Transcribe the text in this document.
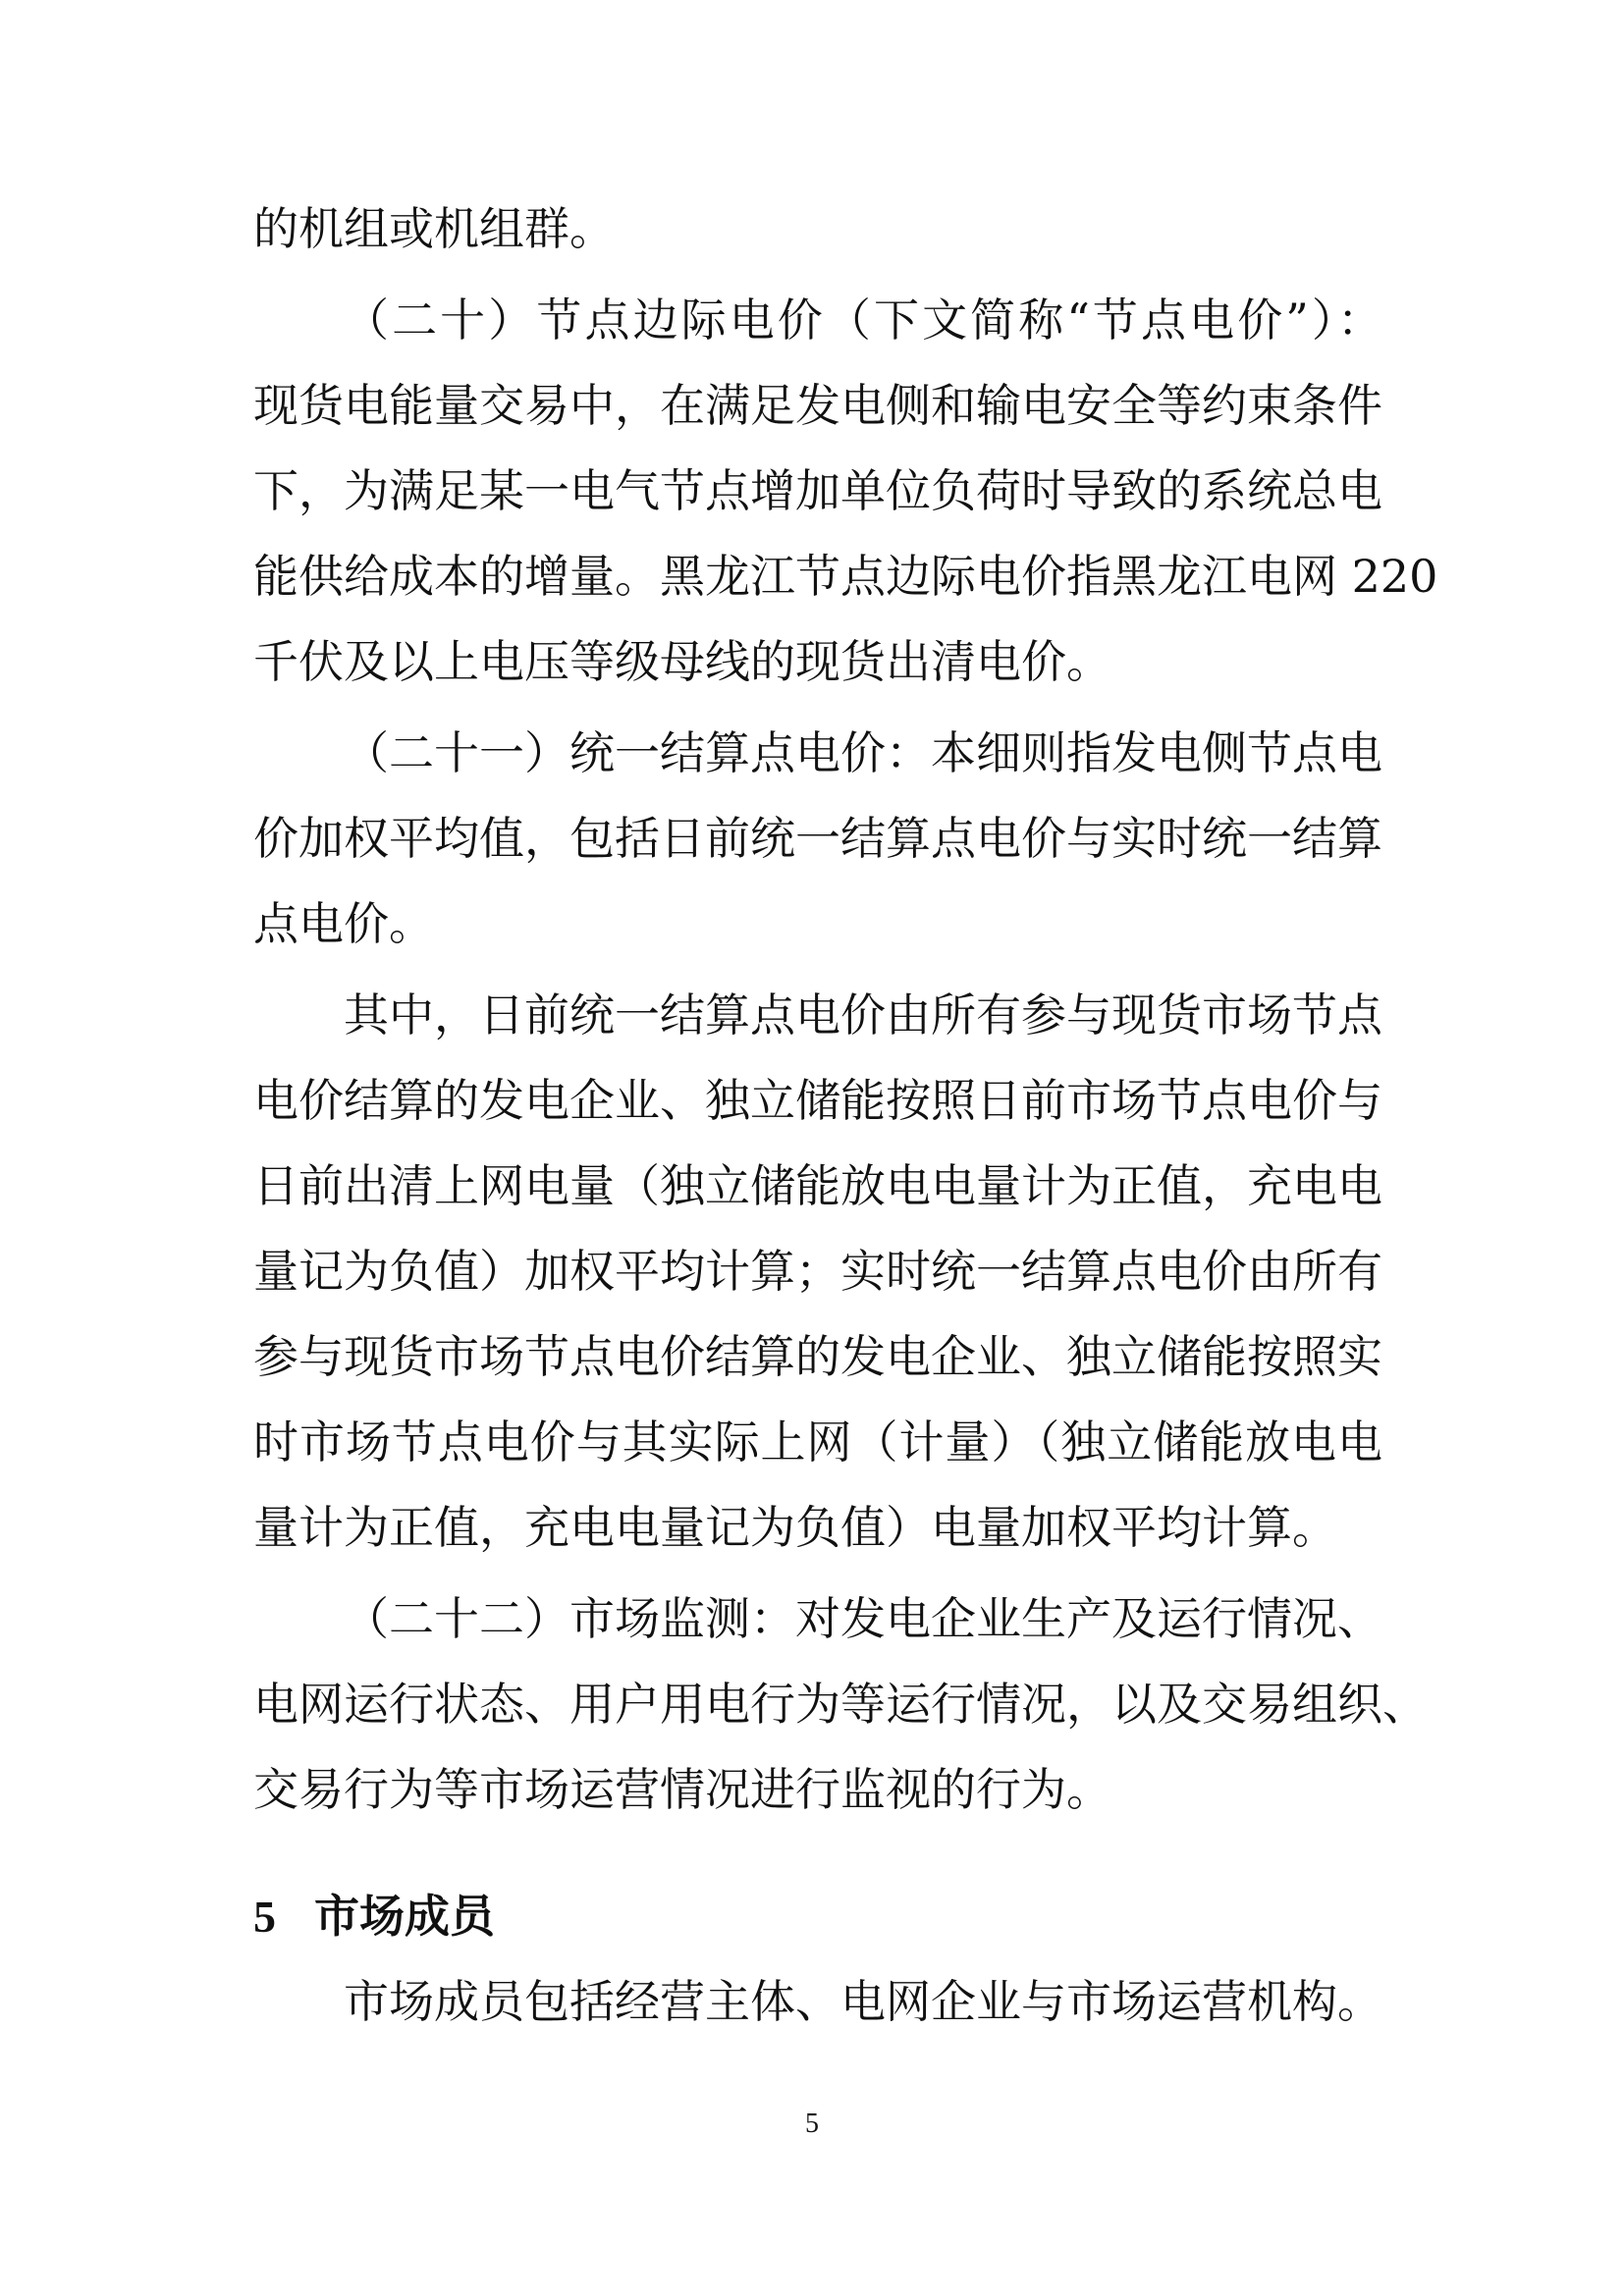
的机组或机组群。
（二十）节点边际电价（下文简称“节点电价”）：
现货电能量交易中，在满足发电侧和输电安全等约束条件
下，为满足某一电气节点增加单位负荷时导致的系统总电
能供给成本的增量。黑龙江节点边际电价指黑龙江电网 220
千伏及以上电压等级母线的现货出清电价。
（二十一）统一结算点电价：本细则指发电侧节点电
价加权平均值，包括日前统一结算点电价与实时统一结算
点电价。
其中，日前统一结算点电价由所有参与现货市场节点
电价结算的发电企业、独立储能按照日前市场节点电价与
日前出清上网电量（独立储能放电电量计为正值，充电电
量记为负值）加权平均计算；实时统一结算点电价由所有
参与现货市场节点电价结算的发电企业、独立储能按照实
时市场节点电价与其实际上网（计量）（独立储能放电电
量计为正值，充电电量记为负值）电量加权平均计算。
（二十二）市场监测：对发电企业生产及运行情况、
电网运行状态、用户用电行为等运行情况，以及交易组织、
交易行为等市场运营情况进行监视的行为。
5 市场成员
市场成员包括经营主体、电网企业与市场运营机构。
5
